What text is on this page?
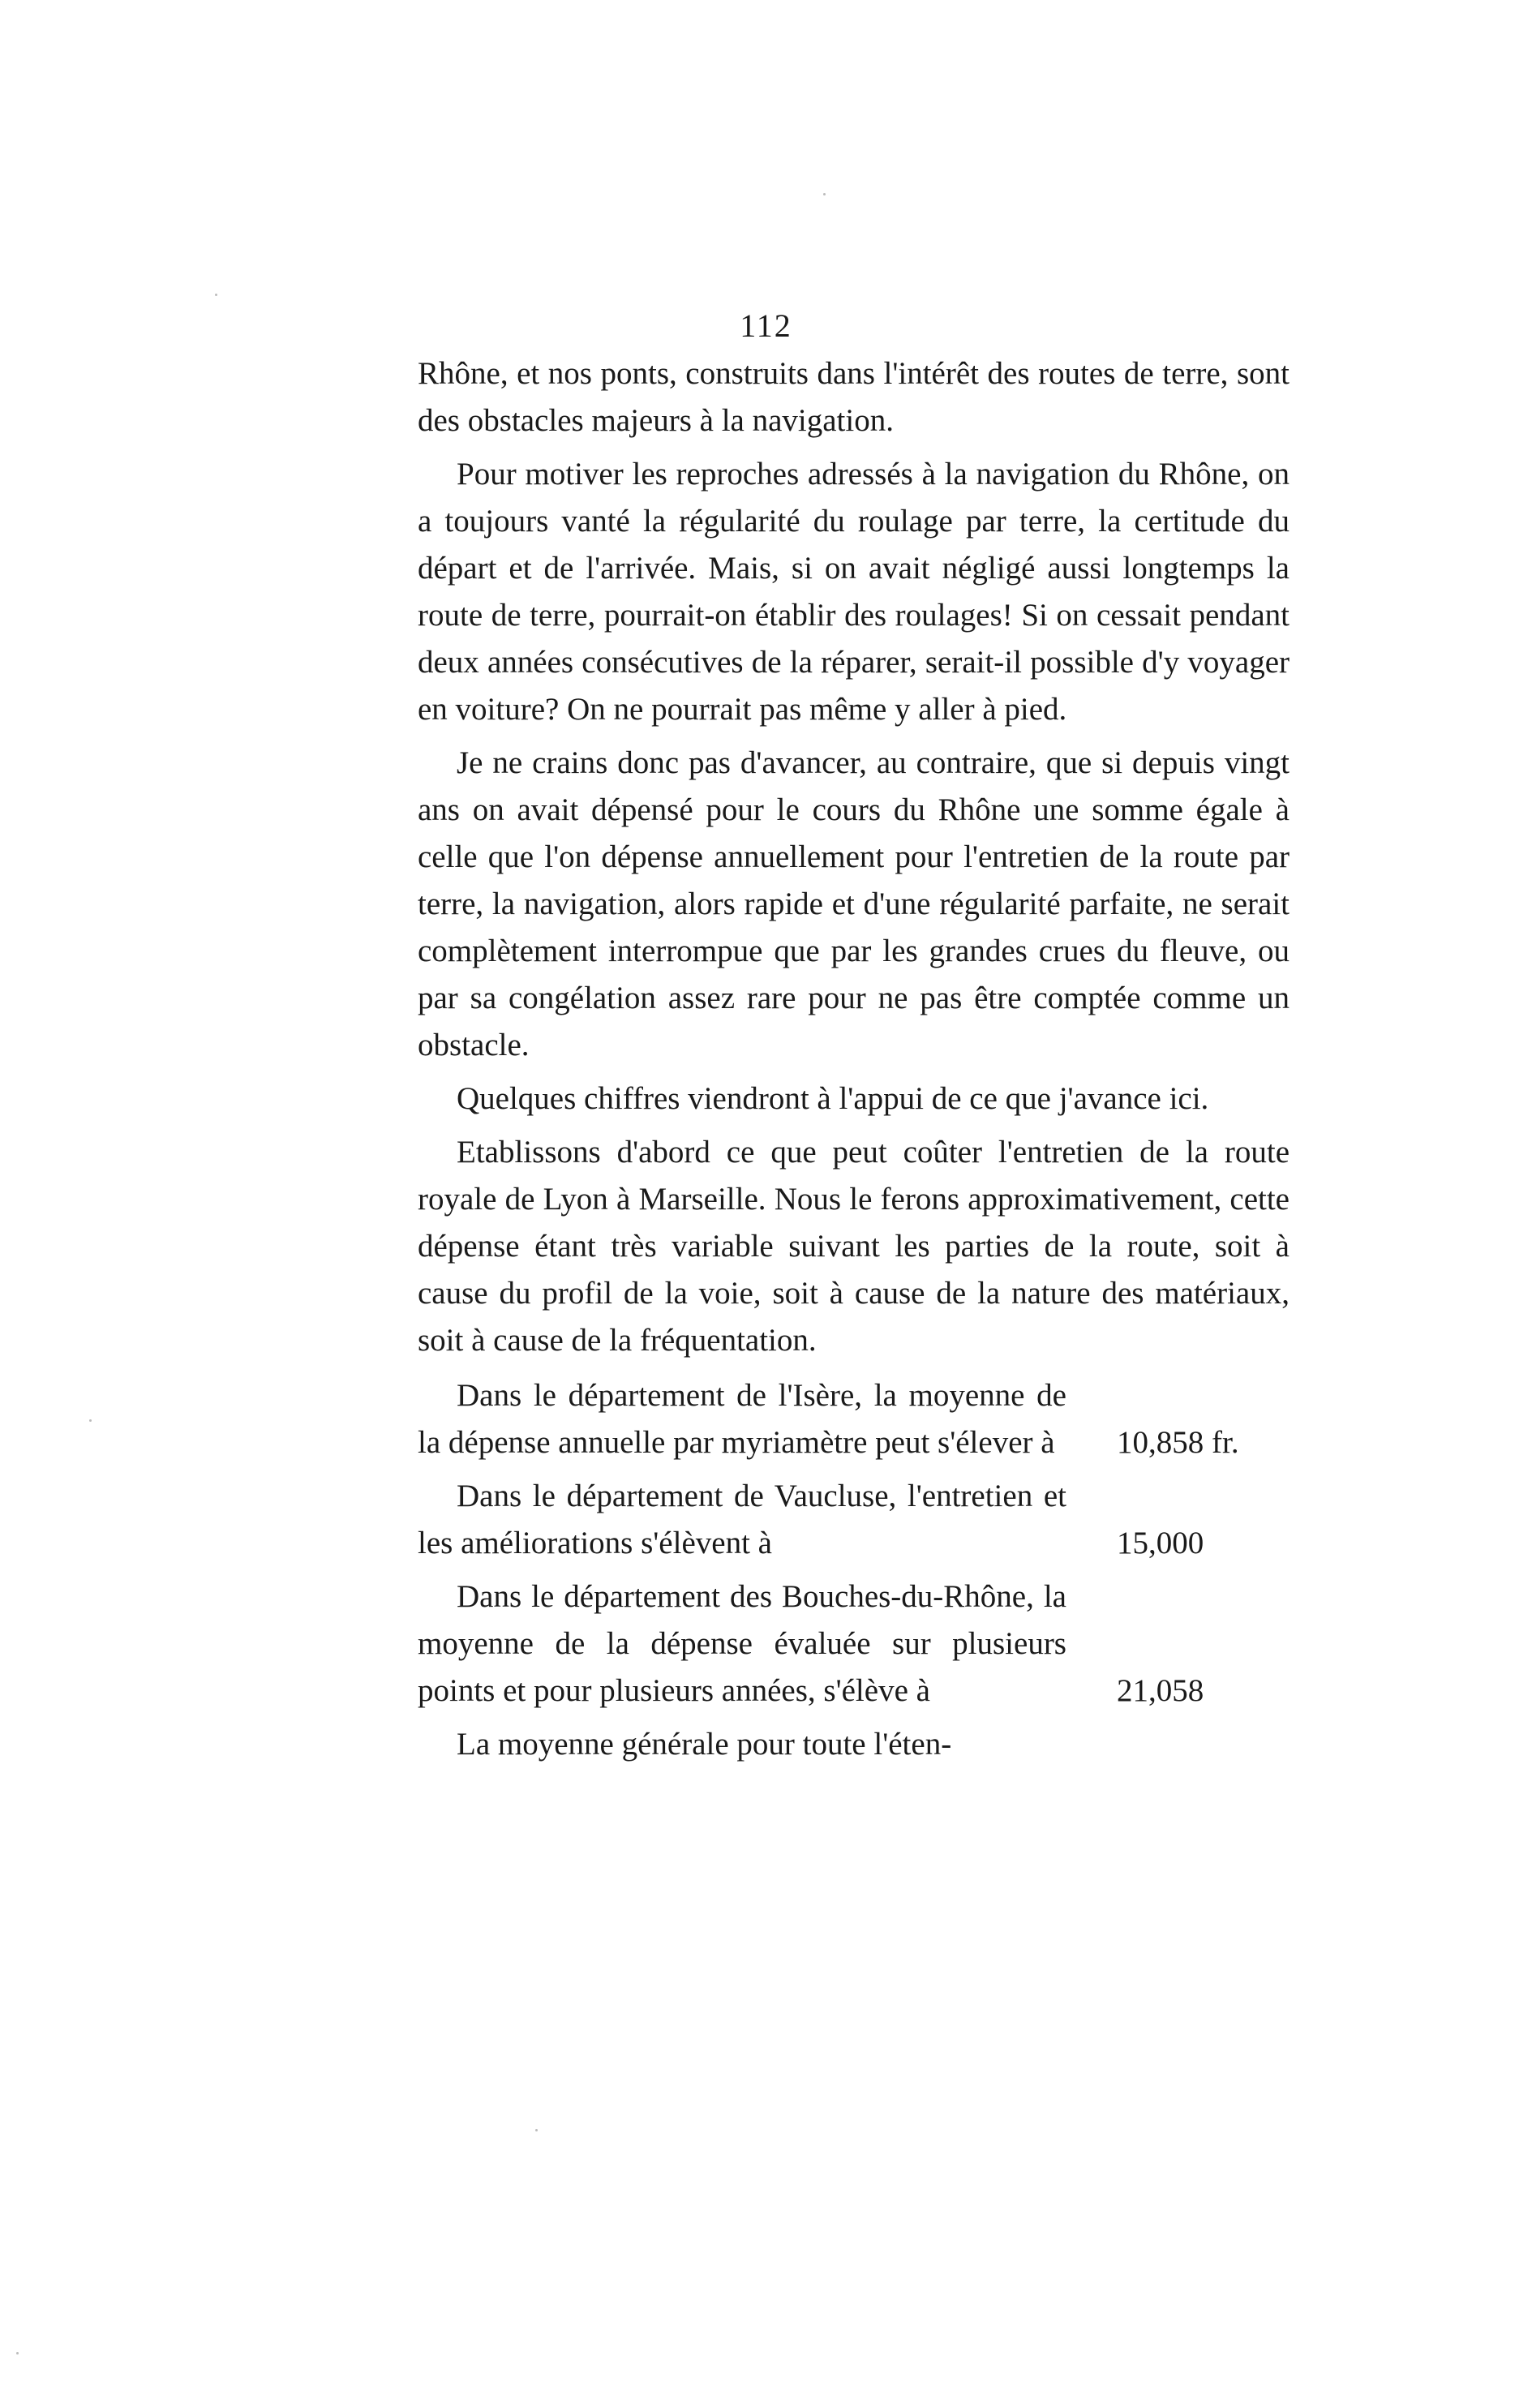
112

Rhône, et nos ponts, construits dans l'intérêt des routes de terre, sont des obstacles majeurs à la navigation.

Pour motiver les reproches adressés à la navigation du Rhône, on a toujours vanté la régularité du roulage par terre, la certitude du départ et de l'arrivée. Mais, si on avait négligé aussi longtemps la route de terre, pourrait-on établir des roulages! Si on cessait pendant deux années consécutives de la réparer, serait-il possible d'y voyager en voiture? On ne pourrait pas même y aller à pied.

Je ne crains donc pas d'avancer, au contraire, que si depuis vingt ans on avait dépensé pour le cours du Rhône une somme égale à celle que l'on dépense annuellement pour l'entretien de la route par terre, la navigation, alors rapide et d'une régularité parfaite, ne serait complètement interrompue que par les grandes crues du fleuve, ou par sa congélation assez rare pour ne pas être comptée comme un obstacle.

Quelques chiffres viendront à l'appui de ce que j'avance ici.

Etablissons d'abord ce que peut coûter l'entretien de la route royale de Lyon à Marseille. Nous le ferons approximativement, cette dépense étant très variable suivant les parties de la route, soit à cause du profil de la voie, soit à cause de la nature des matériaux, soit à cause de la fréquentation.

Dans le département de l'Isère, la moyenne de la dépense annuelle par myriamètre peut s'élever à	10,858 fr.
Dans le département de Vaucluse, l'entretien et les améliorations s'élèvent à	15,000
Dans le département des Bouches-du-Rhône, la moyenne de la dépense évaluée sur plusieurs points et pour plusieurs années, s'élève à	21,058
La moyenne générale pour toute l'éten-
